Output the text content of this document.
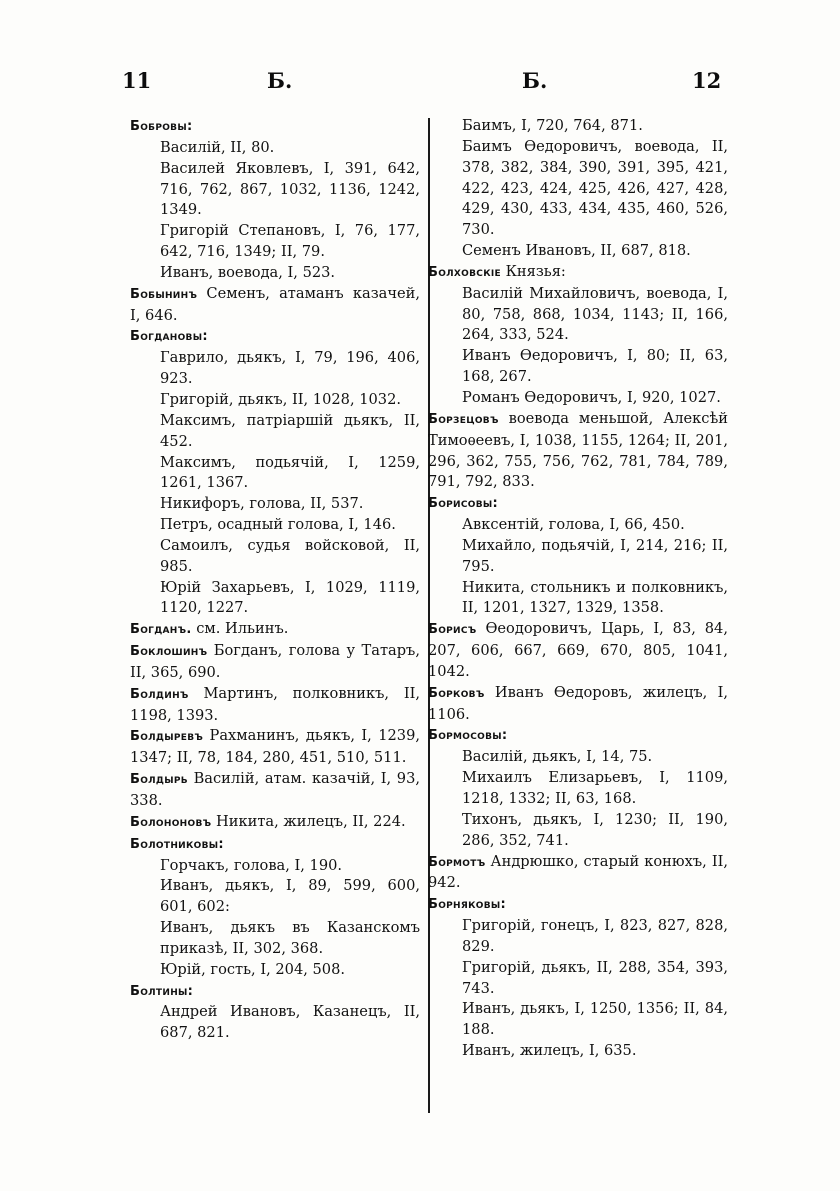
11	Б.	Б.	12

Бобровы:

Василій, II, 80.

Василей Яковлевъ, I, 391, 642, 716, 762, 867, 1032, 1136, 1242, 1349.

Григорій Степановъ, I, 76, 177, 642, 716, 1349; II, 79.

Иванъ, воевода, I, 523.

Бобынинъ Семенъ, атаманъ казачей, I, 646.

Богдановы:

Гаврило, дьякъ, I, 79, 196, 406, 923.

Григорій, дьякъ, II, 1028, 1032.

Максимъ, патріаршій дьякъ, II, 452.

Максимъ, подьячій, I, 1259, 1261, 1367.

Никифоръ, голова, II, 537.

Петръ, осадный голова, I, 146.

Самоилъ, судья войсковой, II, 985.

Юрій Захарьевъ, I, 1029, 1119, 1120, 1227.

Богданъ. см. Ильинъ.

Боклошинъ Богданъ, голова у Татаръ, II, 365, 690.

Болдинъ Мартинъ, полковникъ, II, 1198, 1393.

Болдыревъ Рахманинъ, дьякъ, I, 1239, 1347; II, 78, 184, 280, 451, 510, 511.

Болдырь Василій, атам. казачій, I, 93, 338.

Болононовъ Никита, жилецъ, II, 224.

Болотниковы:

Горчакъ, голова, I, 190.

Иванъ, дьякъ, I, 89, 599, 600, 601, 602:

Иванъ, дьякъ въ Казанскомъ приказѣ, II, 302, 368.

Юрій, гость, I, 204, 508.

Болтины:

Андрей Ивановъ, Казанецъ, II, 687, 821.

Баимъ, I, 720, 764, 871.

Баимъ Өедоровичъ, воевода, II, 378, 382, 384, 390, 391, 395, 421, 422, 423, 424, 425, 426, 427, 428, 429, 430, 433, 434, 435, 460, 526, 730.

Семенъ Ивановъ, II, 687, 818.

Болховскіе Князья:

Василій Михайловичъ, воевода, I, 80, 758, 868, 1034, 1143; II, 166, 264, 333, 524.

Иванъ Өедоровичъ, I, 80; II, 63, 168, 267.

Романъ Өедоровичъ, I, 920, 1027.

Борзецовъ воевода меньшой, Алексѣй Тимоѳеевъ, I, 1038, 1155, 1264; II, 201, 296, 362, 755, 756, 762, 781, 784, 789, 791, 792, 833.

Борисовы:

Авксентій, голова, I, 66, 450.

Михайло, подьячій, I, 214, 216; II, 795.

Никита, стольникъ и полковникъ, II, 1201, 1327, 1329, 1358.

Борисъ Өеодоровичъ, Царь, I, 83, 84, 207, 606, 667, 669, 670, 805, 1041, 1042.

Борковъ Иванъ Өедоровъ, жилецъ, I, 1106.

Бормосовы:

Василій, дьякъ, I, 14, 75.

Михаилъ Елизарьевъ, I, 1109, 1218, 1332; II, 63, 168.

Тихонъ, дьякъ, I, 1230; II, 190, 286, 352, 741.

Бормотъ Андрюшко, старый конюхъ, II, 942.

Борняковы:

Григорій, гонецъ, I, 823, 827, 828, 829.

Григорій, дьякъ, II, 288, 354, 393, 743.

Иванъ, дьякъ, I, 1250, 1356; II, 84, 188.

Иванъ, жилецъ, I, 635.
